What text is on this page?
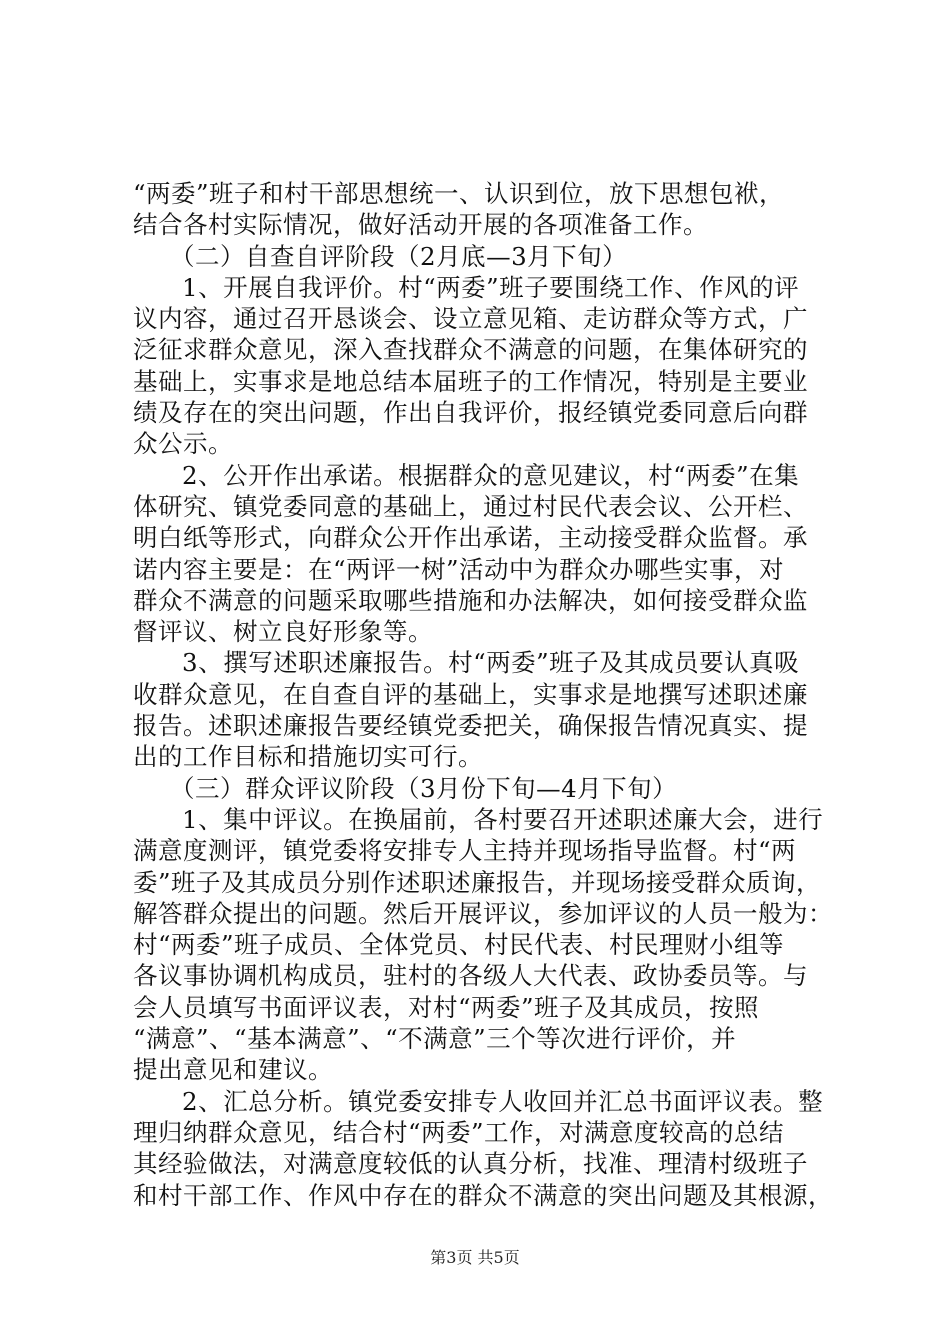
“两委”班子和村干部思想统一、认识到位，放下思想包袱，
结合各村实际情况，做好活动开展的各项准备工作。
（二）自查自评阶段（2月底—3月下旬）
1、开展自我评价。村“两委”班子要围绕工作、作风的评
议内容，通过召开恳谈会、设立意见箱、走访群众等方式，广
泛征求群众意见，深入查找群众不满意的问题，在集体研究的
基础上，实事求是地总结本届班子的工作情况，特别是主要业
绩及存在的突出问题，作出自我评价，报经镇党委同意后向群
众公示。
2、公开作出承诺。根据群众的意见建议，村“两委”在集
体研究、镇党委同意的基础上，通过村民代表会议、公开栏、
明白纸等形式，向群众公开作出承诺，主动接受群众监督。承
诺内容主要是：在“两评一树”活动中为群众办哪些实事，对
群众不满意的问题采取哪些措施和办法解决，如何接受群众监
督评议、树立良好形象等。
3、撰写述职述廉报告。村“两委”班子及其成员要认真吸
收群众意见，在自查自评的基础上，实事求是地撰写述职述廉
报告。述职述廉报告要经镇党委把关，确保报告情况真实、提
出的工作目标和措施切实可行。
（三）群众评议阶段（3月份下旬—4月下旬）
1、集中评议。在换届前，各村要召开述职述廉大会，进行
满意度测评，镇党委将安排专人主持并现场指导监督。村“两
委”班子及其成员分别作述职述廉报告，并现场接受群众质询，
解答群众提出的问题。然后开展评议，参加评议的人员一般为：
村“两委”班子成员、全体党员、村民代表、村民理财小组等
各议事协调机构成员，驻村的各级人大代表、政协委员等。与
会人员填写书面评议表，对村“两委”班子及其成员，按照
“满意”、“基本满意”、“不满意”三个等次进行评价，并
提出意见和建议。
2、汇总分析。镇党委安排专人收回并汇总书面评议表。整
理归纳群众意见，结合村“两委”工作，对满意度较高的总结
其经验做法，对满意度较低的认真分析，找准、理清村级班子
和村干部工作、作风中存在的群众不满意的突出问题及其根源，
第3页 共5页
